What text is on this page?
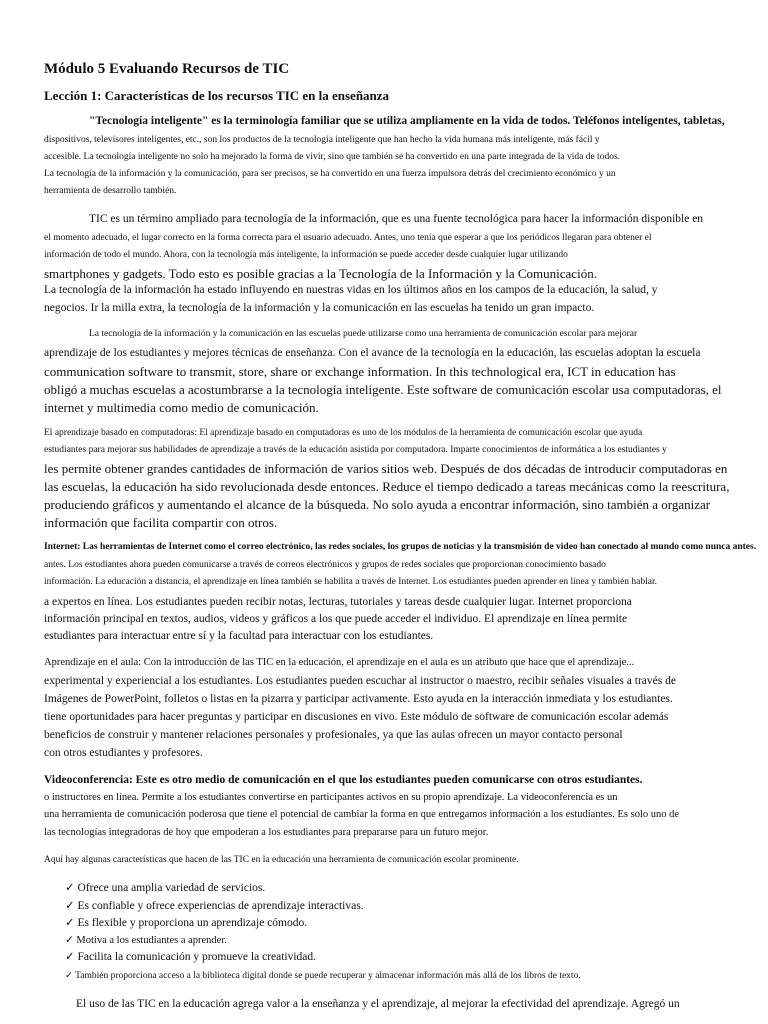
Módulo 5 Evaluando Recursos de TIC
Lección 1: Características de los recursos TIC en la enseñanza
"Tecnología inteligente" es la terminología familiar que se utiliza ampliamente en la vida de todos. Teléfonos inteligentes, tabletas,
dispositivos, televisores inteligentes, etc., son los productos de la tecnología inteligente que han hecho la vida humana más inteligente, más fácil y
accesible. La tecnología inteligente no solo ha mejorado la forma de vivir, sino que también se ha convertido en una parte integrada de la vida de todos.
La tecnología de la información y la comunicación, para ser precisos, se ha convertido en una fuerza impulsora detrás del crecimiento económico y un
herramienta de desarrollo también.
TIC es un término ampliado para tecnología de la información, que es una fuente tecnológica para hacer la información disponible en
el momento adecuado, el lugar correcto en la forma correcta para el usuario adecuado. Antes, uno tenía que esperar a que los periódicos llegaran para obtener el
información de todo el mundo. Ahora, con la tecnología más inteligente, la información se puede acceder desde cualquier lugar utilizando
smartphones y gadgets. Todo esto es posible gracias a la Tecnología de la Información y la Comunicación.
La tecnología de la información ha estado influyendo en nuestras vidas en los últimos años en los campos de la educación, la salud, y
negocios. Ir la milla extra, la tecnología de la información y la comunicación en las escuelas ha tenido un gran impacto.
La tecnología de la información y la comunicación en las escuelas puede utilizarse como una herramienta de comunicación escolar para mejorar
aprendizaje de los estudiantes y mejores técnicas de enseñanza. Con el avance de la tecnología en la educación, las escuelas adoptan la escuela
communication software to transmit, store, share or exchange information. In this technological era, ICT in education has
obligó a muchas escuelas a acostumbrarse a la tecnología inteligente. Este software de comunicación escolar usa computadoras, el
internet y multimedia como medio de comunicación.
El aprendizaje basado en computadoras: El aprendizaje basado en computadoras es uno de los módulos de la herramienta de comunicación escolar que ayuda
estudiantes para mejorar sus habilidades de aprendizaje a través de la educación asistida por computadora. Imparte conocimientos de informática a los estudiantes y
les permite obtener grandes cantidades de información de varios sitios web. Después de dos décadas de introducir computadoras en
las escuelas, la educación ha sido revolucionada desde entonces. Reduce el tiempo dedicado a tareas mecánicas como la reescritura,
produciendo gráficos y aumentando el alcance de la búsqueda. No solo ayuda a encontrar información, sino también a organizar
información que facilita compartir con otros.
Internet: Las herramientas de Internet como el correo electrónico, las redes sociales, los grupos de noticias y la transmisión de video han conectado al mundo como nunca antes.
antes. Los estudiantes ahora pueden comunicarse a través de correos electrónicos y grupos de redes sociales que proporcionan conocimiento basado
información. La educación a distancia, el aprendizaje en línea también se habilita a través de Internet. Los estudiantes pueden aprender en línea y también hablar.
a expertos en línea. Los estudiantes pueden recibir notas, lecturas, tutoriales y tareas desde cualquier lugar. Internet proporciona
información principal en textos, audios, videos y gráficos a los que puede acceder el individuo. El aprendizaje en línea permite
estudiantes para interactuar entre sí y la facultad para interactuar con los estudiantes.
Aprendizaje en el aula: Con la introducción de las TIC en la educación, el aprendizaje en el aula es un atributo que hace que el aprendizaje...
experimental y experiencial a los estudiantes. Los estudiantes pueden escuchar al instructor o maestro, recibir señales visuales a través de
Imágenes de PowerPoint, folletos o listas en la pizarra y participar activamente. Esto ayuda en la interacción inmediata y los estudiantes.
tiene oportunidades para hacer preguntas y participar en discusiones en vivo. Este módulo de software de comunicación escolar además
beneficios de construir y mantener relaciones personales y profesionales, ya que las aulas ofrecen un mayor contacto personal
con otros estudiantes y profesores.
Videoconferencia: Este es otro medio de comunicación en el que los estudiantes pueden comunicarse con otros estudiantes.
o instructores en línea. Permite a los estudiantes convertirse en participantes activos en su propio aprendizaje. La videoconferencia es un
una herramienta de comunicación poderosa que tiene el potencial de cambiar la forma en que entregamos información a los estudiantes. Es solo uno de
las tecnologías integradoras de hoy que empoderan a los estudiantes para prepararse para un futuro mejor.
Aquí hay algunas características que hacen de las TIC en la educación una herramienta de comunicación escolar prominente.
✓ Ofrece una amplia variedad de servicios.
✓ Es confiable y ofrece experiencias de aprendizaje interactivas.
✓ Es flexible y proporciona un aprendizaje cómodo.
✓ Motiva a los estudiantes a aprender.
✓ Facilita la comunicación y promueve la creatividad.
✓ También proporciona acceso a la biblioteca digital donde se puede recuperar y almacenar información más allá de los libros de texto.
El uso de las TIC en la educación agrega valor a la enseñanza y el aprendizaje, al mejorar la efectividad del aprendizaje. Agregó un
